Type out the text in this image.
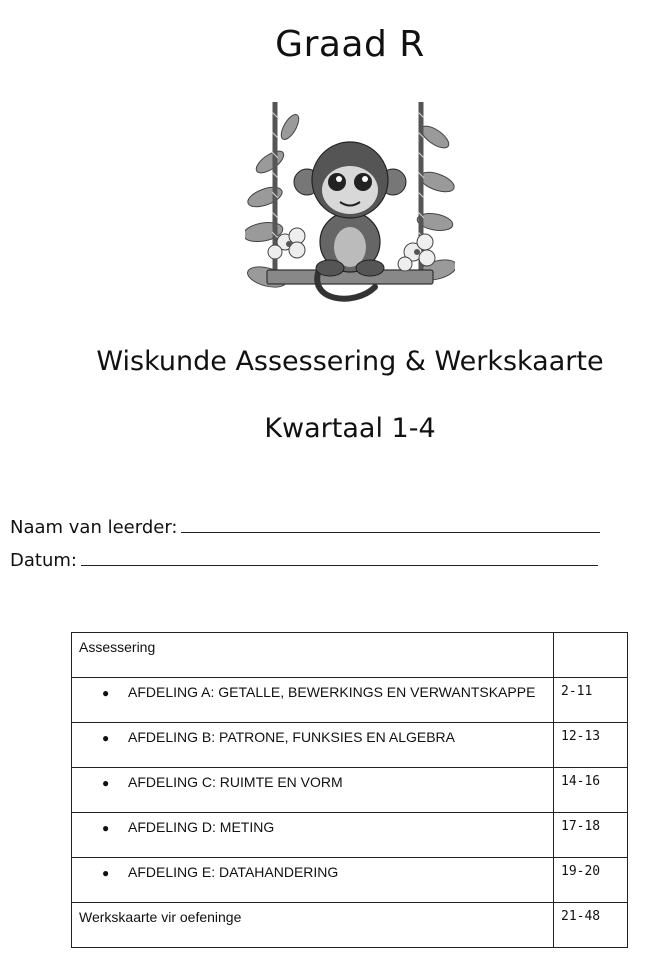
Graad R
Wiskunde Assessering & Werkskaarte
Kwartaal 1-4
Naam van leerder:
Datum:
Assessering	
● AFDELING A: GETALLE, BEWERKINGS EN VERWANTSKAPPE	2-11
● AFDELING B: PATRONE, FUNKSIES EN ALGEBRA	12-13
● AFDELING C: RUIMTE EN VORM	14-16
● AFDELING D: METING	17-18
● AFDELING E: DATAHANDERING	19-20
Werkskaarte vir oefeninge	21-48
